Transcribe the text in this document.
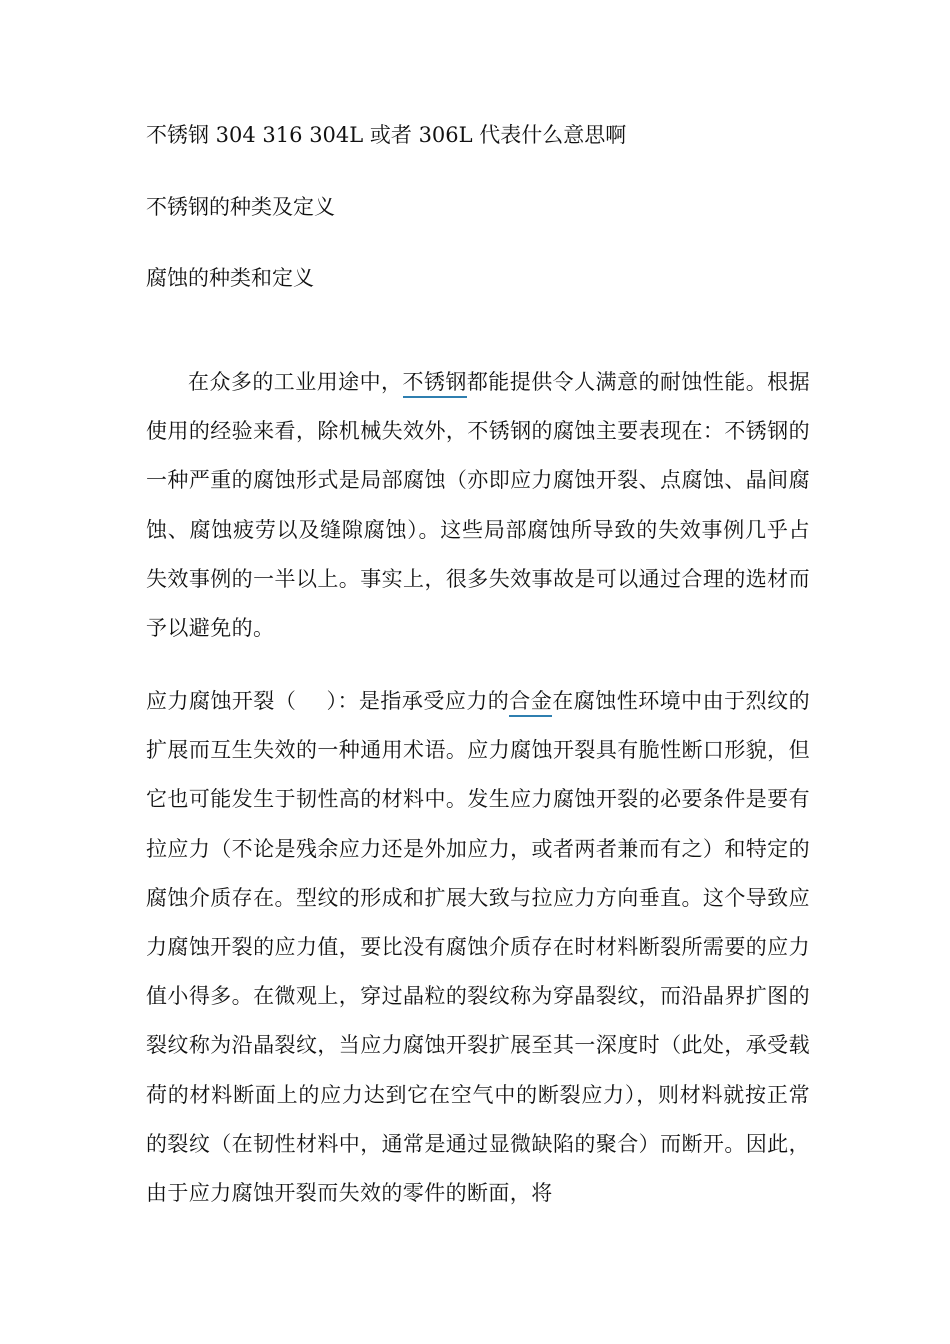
不锈钢 304 316 304L 或者 306L 代表什么意思啊
不锈钢的种类及定义
腐蚀的种类和定义

在众多的工业用途中，不锈钢都能提供令人满意的耐蚀性能。根据使用的经验来看，除机械失效外，不锈钢的腐蚀主要表现在：不锈钢的一种严重的腐蚀形式是局部腐蚀（亦即应力腐蚀开裂、点腐蚀、晶间腐蚀、腐蚀疲劳以及缝隙腐蚀）。这些局部腐蚀所导致的失效事例几乎占失效事例的一半以上。事实上，很多失效事故是可以通过合理的选材而予以避免的。

应力腐蚀开裂（ ）：是指承受应力的合金在腐蚀性环境中由于烈纹的扩展而互生失效的一种通用术语。应力腐蚀开裂具有脆性断口形貌，但它也可能发生于韧性高的材料中。发生应力腐蚀开裂的必要条件是要有拉应力（不论是残余应力还是外加应力，或者两者兼而有之）和特定的腐蚀介质存在。型纹的形成和扩展大致与拉应力方向垂直。这个导致应力腐蚀开裂的应力值，要比没有腐蚀介质存在时材料断裂所需要的应力值小得多。在微观上，穿过晶粒的裂纹称为穿晶裂纹，而沿晶界扩图的裂纹称为沿晶裂纹，当应力腐蚀开裂扩展至其一深度时（此处，承受载荷的材料断面上的应力达到它在空气中的断裂应力），则材料就按正常的裂纹（在韧性材料中，通常是通过显微缺陷的聚合）而断开。因此，由于应力腐蚀开裂而失效的零件的断面，将
